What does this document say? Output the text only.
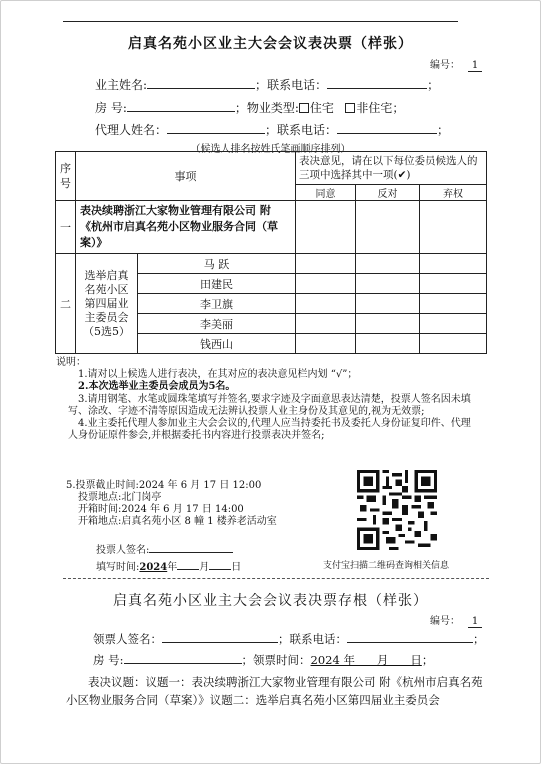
启真名苑小区业主大会会议表决票（样张）
编号： 1
业主姓名:	；联系电话：	；
房 号:	；物业类型: 住宅 非住宅；
代理人姓名：	；联系电话：	；
（候选人排名按姓氏笔画顺序排列）
序号	事项		表决意见，请在以下每位委员候选人的三项中选择其中一项(✔)		
			同意	反对	弃权
一	表决续聘浙江大家物业管理有限公司 附《杭州市启真名苑小区物业服务合同（草案）》				
二	选举启真名苑小区第四届业主委员会（5选5）	马 跃			
		田建民			
		李卫旗			
		李美丽			
		钱西山			

说明：

1.请对以上候选人进行表决，在其对应的表决意见栏内划 “√”；

2.本次选举业主委员会成员为5名。

3.请用钢笔、水笔或圆珠笔填写并签名,要求字迹及字面意思表达清楚，投票人签名因未填写、涂改、字迹不清等原因造成无法辨认投票人业主身份及其意见的,视为无效票;

4.业主委托代理人参加业主大会会议的,代理人应当持委托书及委托人身份证复印件、代理人身份证原件参会,并根据委托书内容进行投票表决并签名;

5.投票截止时间:2024 年 6 月 17 日 12:00

投票地点:北门岗亭

开箱时间:2024 年 6 月 17 日 14:00

开箱地点:启真名苑小区 8 幢 1 楼养老活动室

投票人签名:
填写时间:2024年 月 日	支付宝扫描二维码查询相关信息
启真名苑小区业主大会会议表决票存根（样张）
编号： 1
领票人签名：	；联系电话：	；
房 号:	；领票时间：2024 年      月      日；

表决议题：议题一：表决续聘浙江大家物业管理有限公司 附《杭州市启真名苑小区物业服务合同（草案）》议题二：选举启真名苑小区第四届业主委员会
